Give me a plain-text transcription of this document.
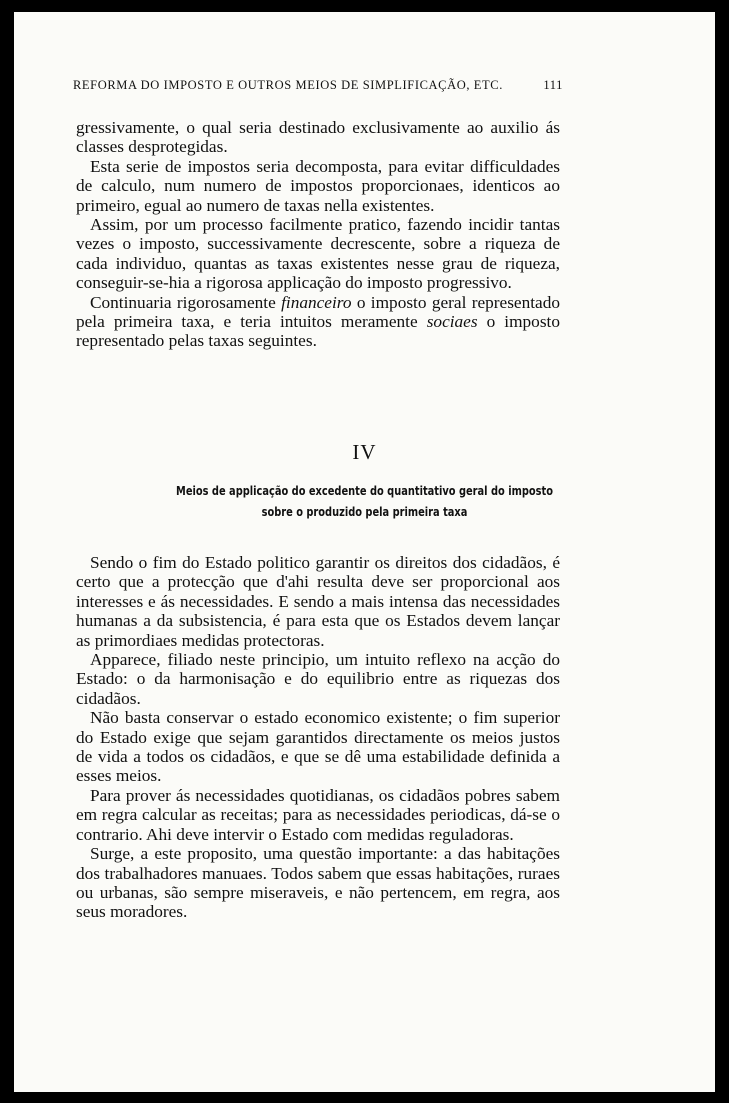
REFORMA DO IMPOSTO E OUTROS MEIOS DE SIMPLIFICAÇÃO, ETC.	111

gressivamente, o qual seria destinado exclusivamente ao auxilio ás classes desprotegidas.

Esta serie de impostos seria decomposta, para evitar difficuldades de calculo, num numero de impostos proporcionaes, identicos ao primeiro, egual ao numero de taxas nella existentes.

Assim, por um processo facilmente pratico, fazendo incidir tantas vezes o imposto, successivamente decrescente, sobre a riqueza de cada individuo, quantas as taxas existentes nesse grau de riqueza, conseguir-se-hia a rigorosa applicação do imposto progressivo.

Continuaria rigorosamente financeiro o imposto geral representado pela primeira taxa, e teria intuitos meramente sociaes o imposto representado pelas taxas seguintes.

IV
Meios de applicação do excedente do quantitativo geral do imposto
sobre o produzido pela primeira taxa

Sendo o fim do Estado politico garantir os direitos dos cidadãos, é certo que a protecção que d'ahi resulta deve ser proporcional aos interesses e ás necessidades. E sendo a mais intensa das necessidades humanas a da subsistencia, é para esta que os Estados devem lançar as primordiaes medidas protectoras.

Apparece, filiado neste principio, um intuito reflexo na acção do Estado: o da harmonisação e do equilibrio entre as riquezas dos cidadãos.

Não basta conservar o estado economico existente; o fim superior do Estado exige que sejam garantidos directamente os meios justos de vida a todos os cidadãos, e que se dê uma estabilidade definida a esses meios.

Para prover ás necessidades quotidianas, os cidadãos pobres sabem em regra calcular as receitas; para as necessidades periodicas, dá-se o contrario. Ahi deve intervir o Estado com medidas reguladoras.

Surge, a este proposito, uma questão importante: a das habitações dos trabalhadores manuaes. Todos sabem que essas habitações, ruraes ou urbanas, são sempre miseraveis, e não pertencem, em regra, aos seus moradores.
